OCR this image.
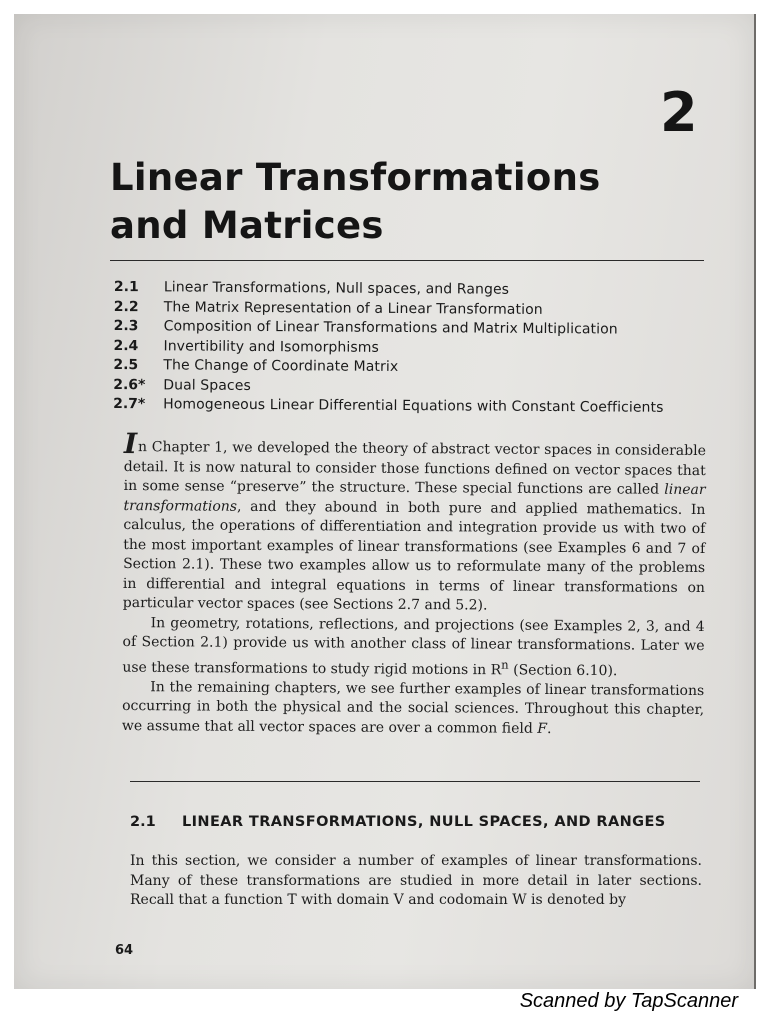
2
Linear Transformations
and Matrices
2.1 Linear Transformations, Null spaces, and Ranges
2.2 The Matrix Representation of a Linear Transformation
2.3 Composition of Linear Transformations and Matrix Multiplication
2.4 Invertibility and Isomorphisms
2.5 The Change of Coordinate Matrix
2.6* Dual Spaces
2.7* Homogeneous Linear Differential Equations with Constant Coefficients

In Chapter 1, we developed the theory of abstract vector spaces in considerable detail. It is now natural to consider those functions defined on vector spaces that in some sense “preserve” the structure. These special functions are called linear transformations, and they abound in both pure and applied mathematics. In calculus, the operations of differentiation and integration provide us with two of the most important examples of linear transformations (see Examples 6 and 7 of Section 2.1). These two examples allow us to reformulate many of the problems in differential and integral equations in terms of linear transformations on particular vector spaces (see Sections 2.7 and 5.2).

In geometry, rotations, reflections, and projections (see Examples 2, 3, and 4 of Section 2.1) provide us with another class of linear transformations. Later we use these transformations to study rigid motions in $R^n$ (Section 6.10).

In the remaining chapters, we see further examples of linear transformations occurring in both the physical and the social sciences. Throughout this chapter, we assume that all vector spaces are over a common field F.

2.1 LINEAR TRANSFORMATIONS, NULL SPACES, AND RANGES

In this section, we consider a number of examples of linear transformations. Many of these transformations are studied in more detail in later sections. Recall that a function T with domain V and codomain W is denoted by

64
Scanned by TapScanner
